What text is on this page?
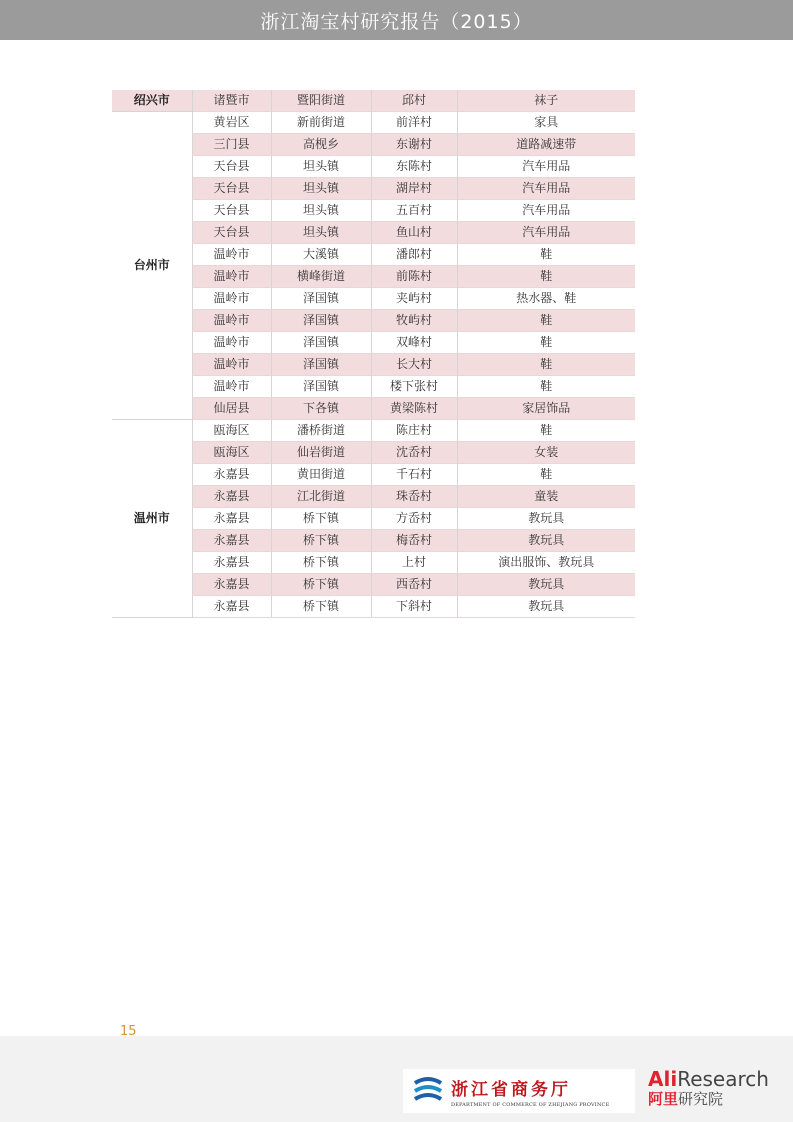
浙江淘宝村研究报告（2015）
绍兴市	诸暨市	暨阳街道	邱村	袜子
台州市	黄岩区	新前街道	前洋村	家具
	三门县	高枧乡	东谢村	道路减速带
	天台县	坦头镇	东陈村	汽车用品
	天台县	坦头镇	湖岸村	汽车用品
	天台县	坦头镇	五百村	汽车用品
	天台县	坦头镇	鱼山村	汽车用品
	温岭市	大溪镇	潘郎村	鞋
	温岭市	横峰街道	前陈村	鞋
	温岭市	泽国镇	夹屿村	热水器、鞋
	温岭市	泽国镇	牧屿村	鞋
	温岭市	泽国镇	双峰村	鞋
	温岭市	泽国镇	长大村	鞋
	温岭市	泽国镇	楼下张村	鞋
	仙居县	下各镇	黄梁陈村	家居饰品
温州市	瓯海区	潘桥街道	陈庄村	鞋
	瓯海区	仙岩街道	沈岙村	女装
	永嘉县	黄田街道	千石村	鞋
	永嘉县	江北街道	珠岙村	童装
	永嘉县	桥下镇	方岙村	教玩具
	永嘉县	桥下镇	梅岙村	教玩具
	永嘉县	桥下镇	上村	演出服饰、教玩具
	永嘉县	桥下镇	西岙村	教玩具
	永嘉县	桥下镇	下斜村	教玩具
15
浙江省商务厅
DEPARTMENT OF COMMERCE OF ZHEJIANG PROVINCE
AliResearch
阿里研究院
